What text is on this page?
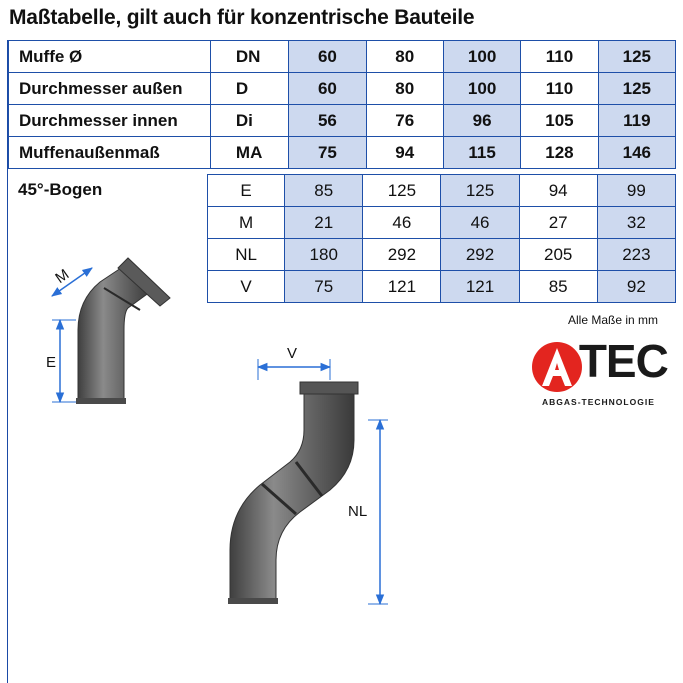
Maßtabelle, gilt auch für konzentrische Bauteile
Muffe Ø	DN	60	80	100	110	125
Durchmesser außen	D	60	80	100	110	125
Durchmesser innen	Di	56	76	96	105	119
Muffenaußenmaß	MA	75	94	115	128	146
45°-Bogen	E	85	125	125	94	99
M	21	46	46	27	32
NL	180	292	292	205	223
V	75	121	121	85	92
Alle Maße in mm
M
E
V
NL
TEC
ABGAS-TECHNOLOGIE
